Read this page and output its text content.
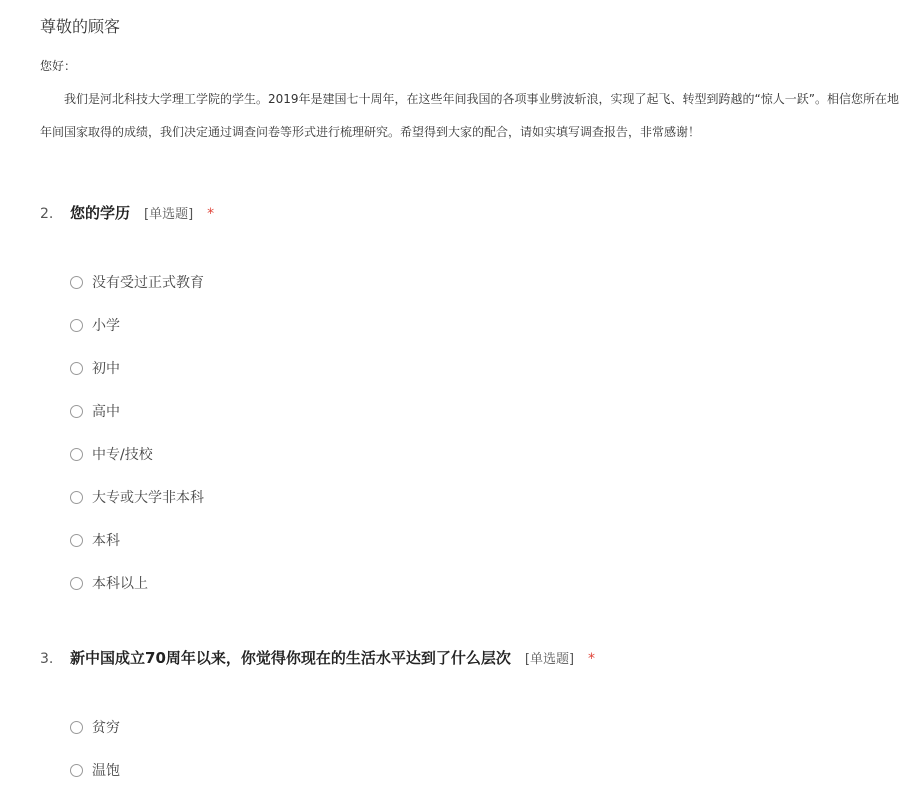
尊敬的顾客
您好：
我们是河北科技大学理工学院的学生。2019年是建国七十周年，在这些年间我国的各项事业劈波斩浪，实现了起飞、转型到跨越的“惊人一跃”。相信您所在地
年间国家取得的成绩，我们决定通过调查问卷等形式进行梳理研究。希望得到大家的配合，请如实填写调查报告，非常感谢！
2.	您的学历 [单选题] *
没有受过正式教育
小学
初中
高中
中专/技校
大专或大学非本科
本科
本科以上
3.	新中国成立70周年以来，你觉得你现在的生活水平达到了什么层次 [单选题] *
贫穷
温饱
